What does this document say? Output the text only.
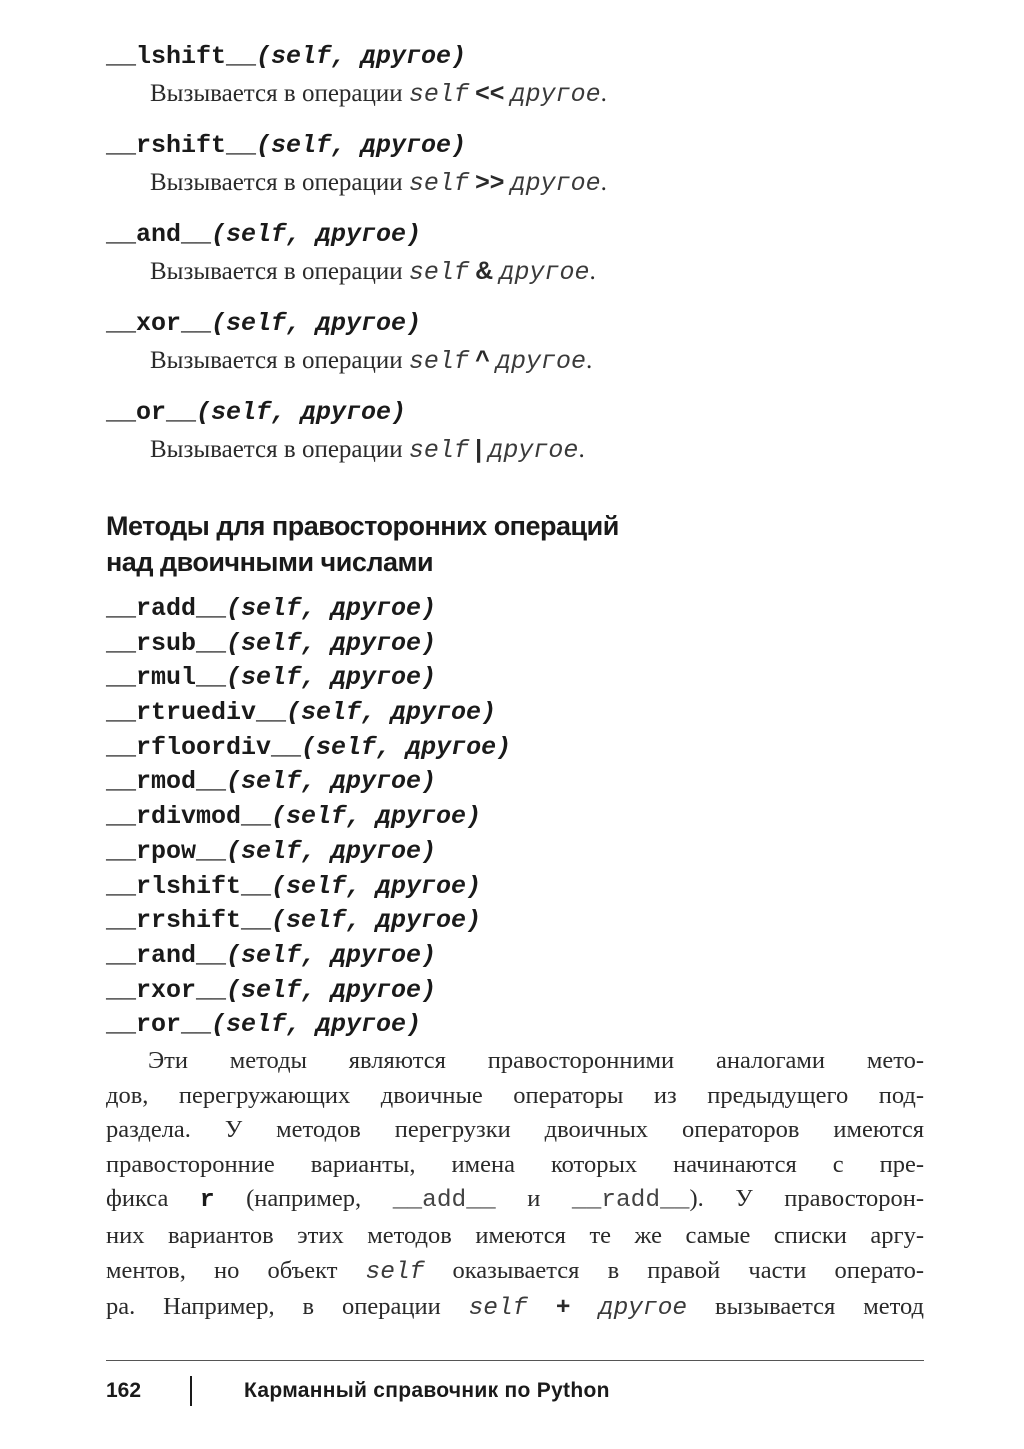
__lshift__(self, другое)
Вызывается в операции self << другое.
__rshift__(self, другое)
Вызывается в операции self >> другое.
__and__(self, другое)
Вызывается в операции self & другое.
__xor__(self, другое)
Вызывается в операции self ^ другое.
__or__(self, другое)
Вызывается в операции self | другое.
Методы для правосторонних операций
над двоичными числами
__radd__(self, другое)
__rsub__(self, другое)
__rmul__(self, другое)
__rtruediv__(self, другое)
__rfloordiv__(self, другое)
__rmod__(self, другое)
__rdivmod__(self, другое)
__rpow__(self, другое)
__rlshift__(self, другое)
__rrshift__(self, другое)
__rand__(self, другое)
__rxor__(self, другое)
__ror__(self, другое)
Эти методы являются правосторонними аналогами мето-
дов, перегружающих двоичные операторы из предыдущего под-
раздела. У методов перегрузки двоичных операторов имеются
правосторонние варианты, имена которых начинаются с пре-
фикса r (например, __add__ и __radd__). У правосторон-
них вариантов этих методов имеются те же самые списки аргу-
ментов, но объект self оказывается в правой части операто-
ра. Например, в операции self + другое вызывается метод
162	Карманный справочник по Python
